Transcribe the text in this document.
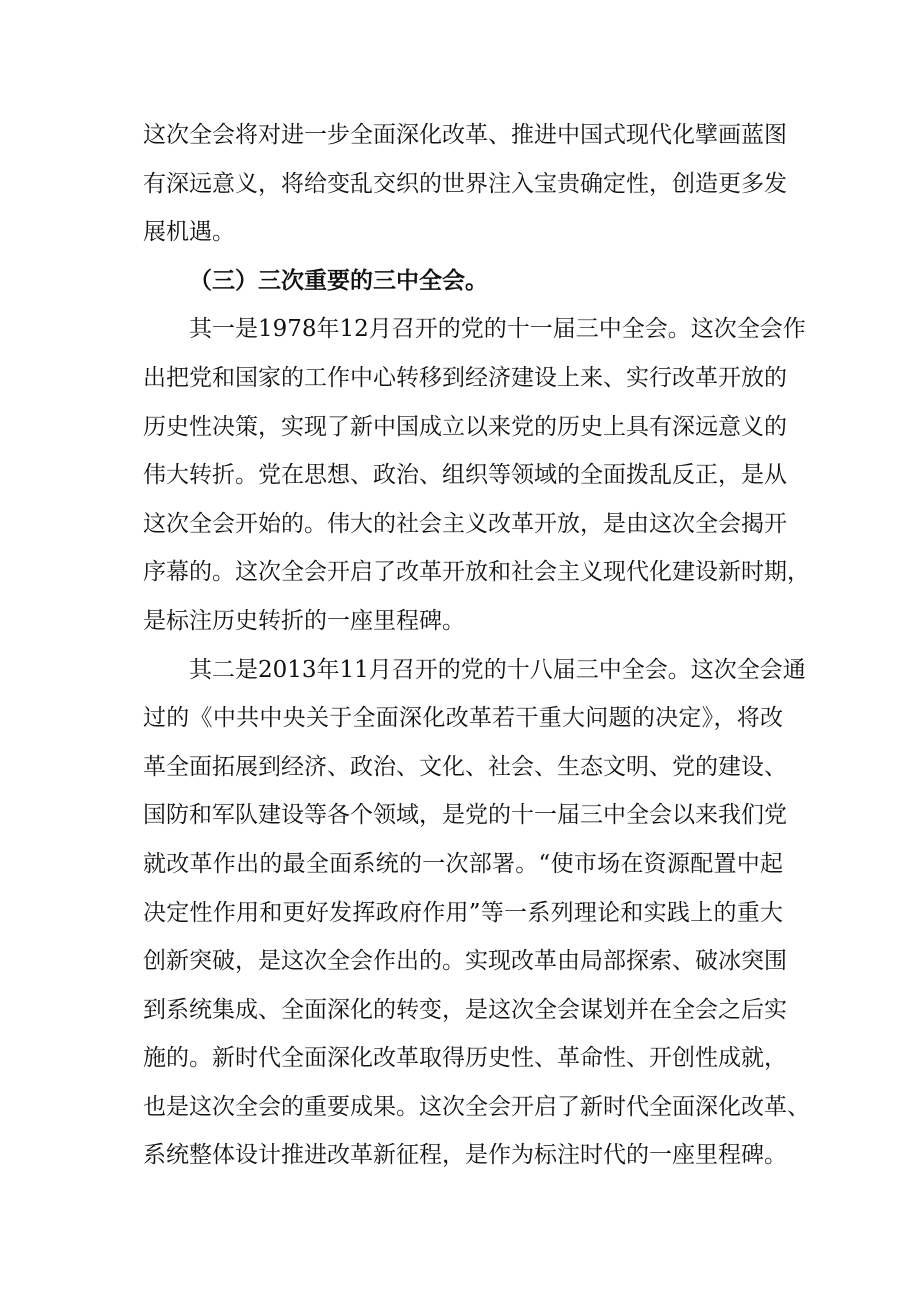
这次全会将对进一步全面深化改革、推进中国式现代化擘画蓝图
有深远意义，将给变乱交织的世界注入宝贵确定性，创造更多发
展机遇。
（三）三次重要的三中全会。
其一是1978年12月召开的党的十一届三中全会。这次全会作
出把党和国家的工作中心转移到经济建设上来、实行改革开放的
历史性决策，实现了新中国成立以来党的历史上具有深远意义的
伟大转折。党在思想、政治、组织等领域的全面拨乱反正，是从
这次全会开始的。伟大的社会主义改革开放，是由这次全会揭开
序幕的。这次全会开启了改革开放和社会主义现代化建设新时期，
是标注历史转折的一座里程碑。
其二是2013年11月召开的党的十八届三中全会。这次全会通
过的《中共中央关于全面深化改革若干重大问题的决定》，将改
革全面拓展到经济、政治、文化、社会、生态文明、党的建设、
国防和军队建设等各个领域，是党的十一届三中全会以来我们党
就改革作出的最全面系统的一次部署。“使市场在资源配置中起
决定性作用和更好发挥政府作用”等一系列理论和实践上的重大
创新突破，是这次全会作出的。实现改革由局部探索、破冰突围
到系统集成、全面深化的转变，是这次全会谋划并在全会之后实
施的。新时代全面深化改革取得历史性、革命性、开创性成就，
也是这次全会的重要成果。这次全会开启了新时代全面深化改革、
系统整体设计推进改革新征程，是作为标注时代的一座里程碑。
